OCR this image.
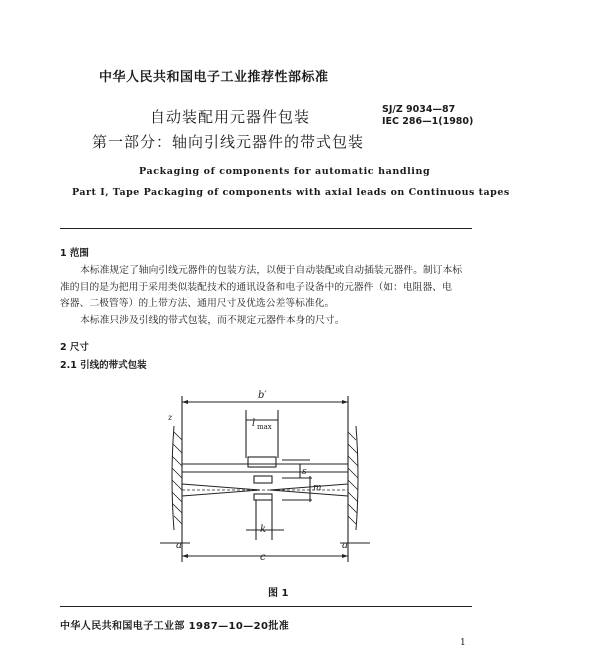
中华人民共和国电子工业推荐性部标准
自动装配用元器件包装
第一部分：轴向引线元器件的带式包装
SJ/Z 9034—87
IEC 286—1(1980)
Packaging of components for automatic handling
Part I, Tape Packaging of components with axial leads on Continuous tapes
1 范围
本标准规定了轴向引线元器件的包装方法，以便于自动装配或自动插装元器件。制订本标
准的目的是为把用于采用类似装配技术的通讯设备和电子设备中的元器件（如：电阻器、电
容器、二极管等）的上带方法、通用尺寸及优选公差等标准化。
本标准只涉及引线的带式包装，而不规定元器件本身的尺寸。
2 尺寸
2.1 引线的带式包装
b′
l max
s
m
k
a	a
c
z
图 1
中华人民共和国电子工业部 1987—10—20批准
1
